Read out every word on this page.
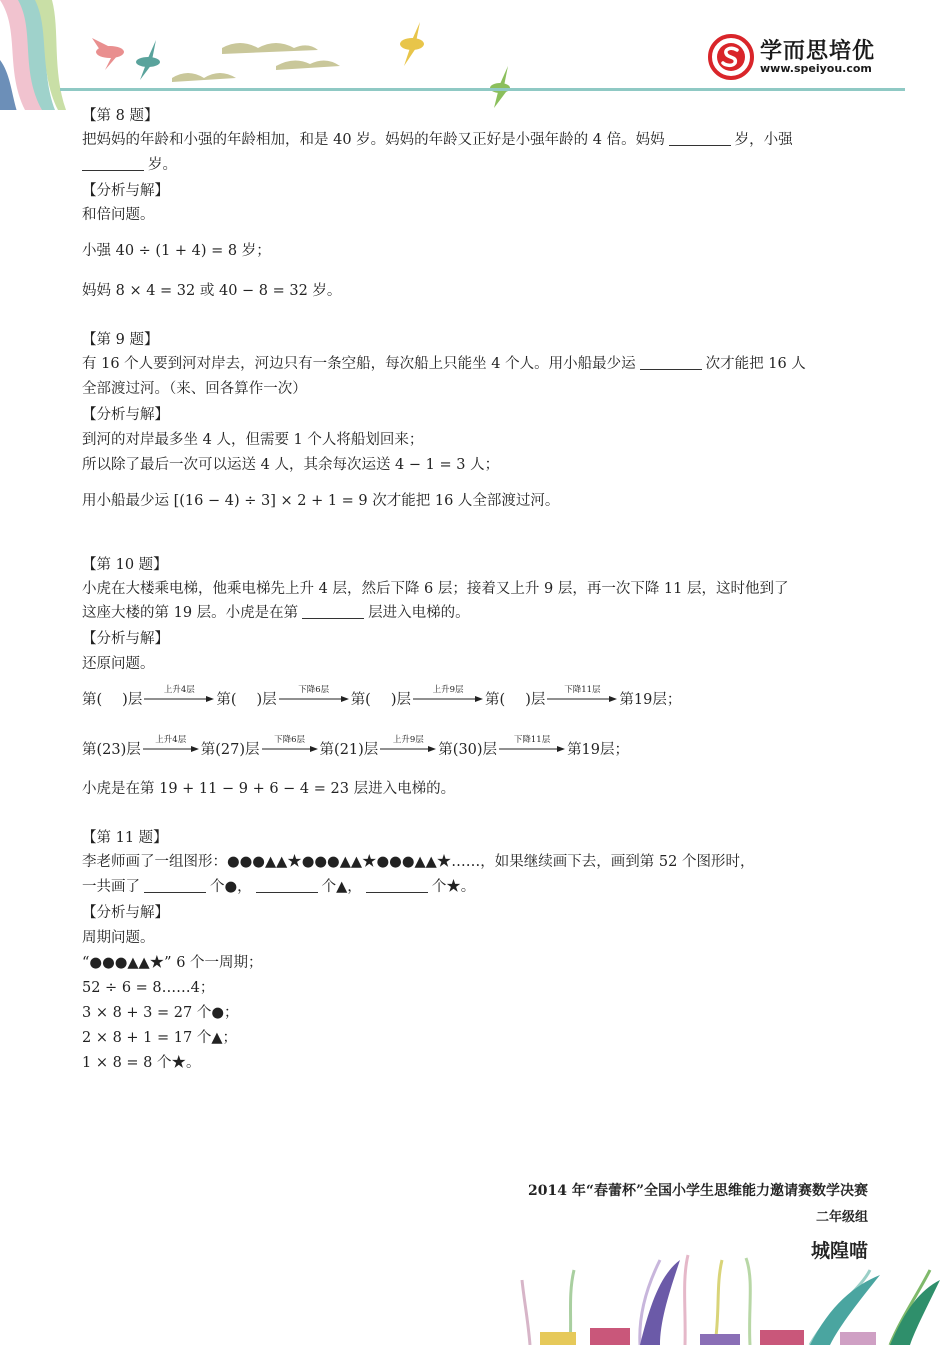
学而思培优
www.speiyou.com
【第 8 题】
把妈妈的年龄和小强的年龄相加，和是 40 岁。妈妈的年龄又正好是小强年龄的 4 倍。妈妈	岁，小强
岁。
【分析与解】
和倍问题。
小强 40 ÷ (1 + 4) = 8 岁；
妈妈 8 × 4 = 32 或 40 − 8 = 32 岁。
【第 9 题】
有 16 个人要到河对岸去，河边只有一条空船，每次船上只能坐 4 个人。用小船最少运	次才能把 16 人
全部渡过河。（来、回各算作一次）
【分析与解】
到河的对岸最多坐 4 人，但需要 1 个人将船划回来；
所以除了最后一次可以运送 4 人，其余每次运送 4 − 1 = 3 人；
用小船最少运 [(16 − 4) ÷ 3] × 2 + 1 = 9 次才能把 16 人全部渡过河。
【第 10 题】
小虎在大楼乘电梯，他乘电梯先上升 4 层，然后下降 6 层；接着又上升 9 层，再一次下降 11 层，这时他到了
这座大楼的第 19 层。小虎是在第	层进入电梯的。
【分析与解】
还原问题。
第( )层
上升4层
第( )层
下降6层
第( )层
上升9层
第( )层
下降11层
第19层；
第(23)层
上升4层
第(27)层
下降6层
第(21)层
上升9层
第(30)层
下降11层
第19层；
小虎是在第 19 + 11 − 9 + 6 − 4 = 23 层进入电梯的。
【第 11 题】
李老师画了一组图形：●●●▲▲★●●●▲▲★●●●▲▲★……，如果继续画下去，画到第 52 个图形时，
一共画了	个●，	个▲，	个★。
【分析与解】
周期问题。
“●●●▲▲★” 6 个一周期；
52 ÷ 6 = 8……4；
3 × 8 + 3 = 27 个●；
2 × 8 + 1 = 17 个▲；
1 × 8 = 8 个★。
2014 年“春蕾杯”全国小学生思维能力邀请赛数学决赛
二年级组
城隍喵
